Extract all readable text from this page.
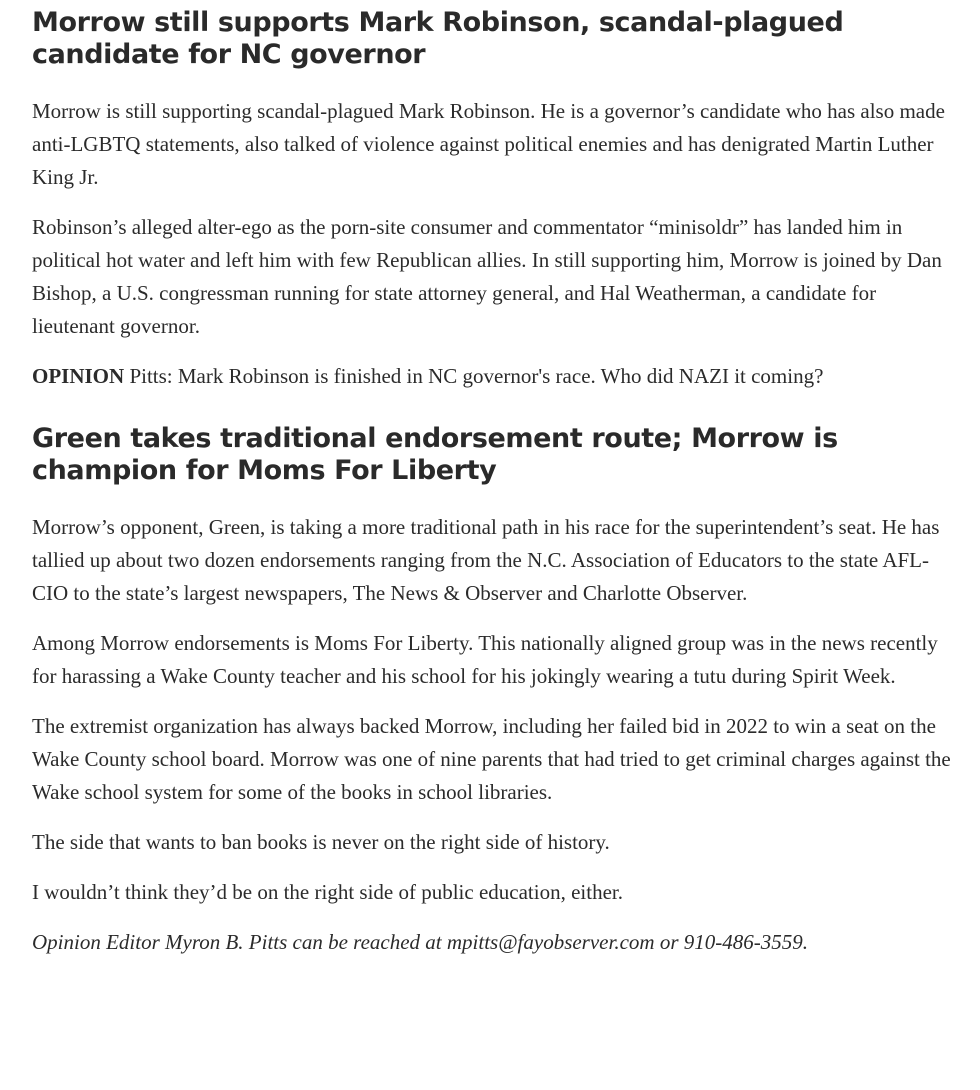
Morrow still supports Mark Robinson, scandal-plagued candidate for NC governor

Morrow is still supporting scandal-plagued Mark Robinson. He is a governor’s candidate who has also made anti-LGBTQ statements, also talked of violence against political enemies and has denigrated Martin Luther King Jr.

Robinson’s alleged alter-ego as the porn-site consumer and commentator “minisoldr” has landed him in political hot water and left him with few Republican allies. In still supporting him, Morrow is joined by Dan Bishop, a U.S. congressman running for state attorney general, and Hal Weatherman, a candidate for lieutenant governor.

OPINION Pitts: Mark Robinson is finished in NC governor's race. Who did NAZI it coming?

Green takes traditional endorsement route; Morrow is champion for Moms For Liberty

Morrow’s opponent, Green, is taking a more traditional path in his race for the superintendent’s seat. He has tallied up about two dozen endorsements ranging from the N.C. Association of Educators to the state AFL-CIO to the state’s largest newspapers, The News & Observer and Charlotte Observer.

Among Morrow endorsements is Moms For Liberty. This nationally aligned group was in the news recently for harassing a Wake County teacher and his school for his jokingly wearing a tutu during Spirit Week.

The extremist organization has always backed Morrow, including her failed bid in 2022 to win a seat on the Wake County school board. Morrow was one of nine parents that had tried to get criminal charges against the Wake school system for some of the books in school libraries.

The side that wants to ban books is never on the right side of history.

I wouldn’t think they’d be on the right side of public education, either.

Opinion Editor Myron B. Pitts can be reached at mpitts@fayobserver.com or 910-486-3559.
